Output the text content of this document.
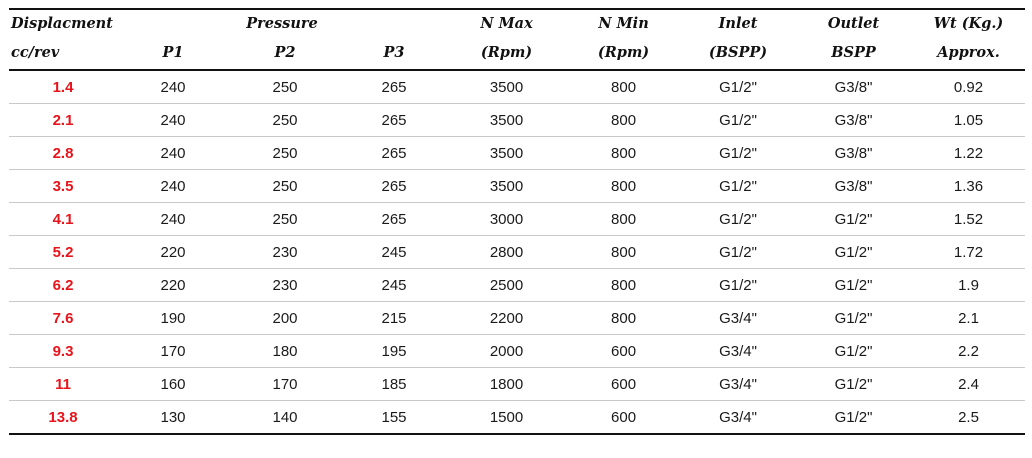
Displacment	Pressure			N Max	N Min	Inlet	Outlet	Wt (Kg.)
cc/rev	P1	P2	P3	(Rpm)	(Rpm)	(BSPP)	BSPP	Approx.
1.4	240	250	265	3500	800	G1/2"	G3/8"	0.92
2.1	240	250	265	3500	800	G1/2"	G3/8"	1.05
2.8	240	250	265	3500	800	G1/2"	G3/8"	1.22
3.5	240	250	265	3500	800	G1/2"	G3/8"	1.36
4.1	240	250	265	3000	800	G1/2"	G1/2"	1.52
5.2	220	230	245	2800	800	G1/2"	G1/2"	1.72
6.2	220	230	245	2500	800	G1/2"	G1/2"	1.9
7.6	190	200	215	2200	800	G3/4"	G1/2"	2.1
9.3	170	180	195	2000	600	G3/4"	G1/2"	2.2
11	160	170	185	1800	600	G3/4"	G1/2"	2.4
13.8	130	140	155	1500	600	G3/4"	G1/2"	2.5
